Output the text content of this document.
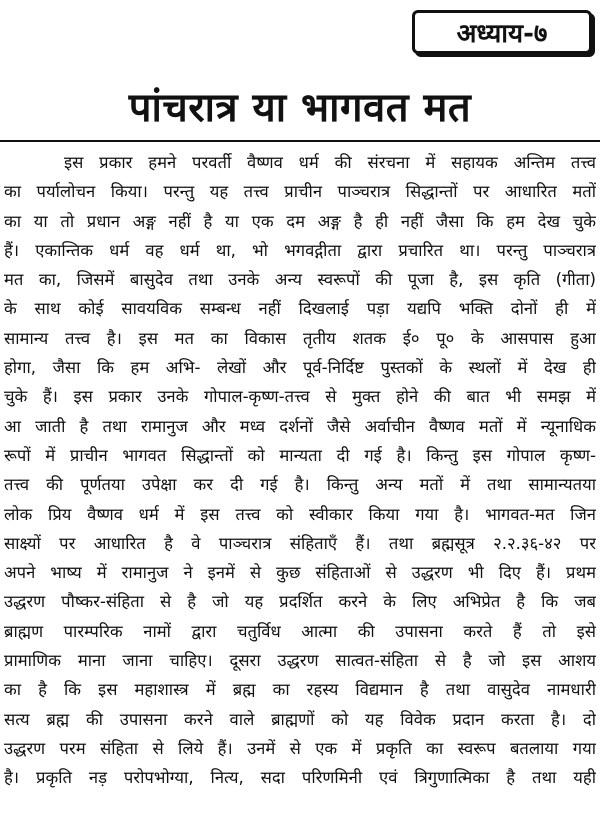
अध्याय-७
पांचरात्र या भागवत मत
इस प्रकार हमने परवर्ती वैष्णव धर्म की संरचना में सहायक अन्तिम तत्त्व
का पर्यालोचन किया। परन्तु यह तत्त्व प्राचीन पाञ्चरात्र सिद्धान्तों पर आधारित मतों
का या तो प्रधान अङ्ग नहीं है या एक दम अङ्ग है ही नहीं जैसा कि हम देख चुके
हैं। एकान्तिक धर्म वह धर्म था, भो भगवद्गीता द्वारा प्रचारित था। परन्तु पाञ्चरात्र
मत का, जिसमें बासुदेव तथा उनके अन्य स्वरूपों की पूजा है, इस कृति (गीता)
के साथ कोई सावयविक सम्बन्ध नहीं दिखलाई पड़ा यद्यपि भक्ति दोनों ही में
सामान्य तत्त्व है। इस मत का विकास तृतीय शतक ई० पू० के आसपास हुआ
होगा, जैसा कि हम अभि- लेखों और पूर्व-निर्दिष्ट पुस्तकों के स्थलों में देख ही
चुके हैं। इस प्रकार उनके गोपाल-कृष्ण-तत्त्व से मुक्त होने की बात भी समझ में
आ जाती है तथा रामानुज और मध्व दर्शनों जैसे अर्वाचीन वैष्णव मतों में न्यूनाधिक
रूपों में प्राचीन भागवत सिद्धान्तों को मान्यता दी गई है। किन्तु इस गोपाल कृष्ण-
तत्त्व की पूर्णतया उपेक्षा कर दी गई है। किन्तु अन्य मतों में तथा सामान्यतया
लोक प्रिय वैष्णव धर्म में इस तत्त्व को स्वीकार किया गया है। भागवत-मत जिन
साक्ष्यों पर आधारित है वे पाञ्चरात्र संहिताएँ हैं। तथा ब्रह्मसूत्र २.२.३६-४२ पर
अपने भाष्य में रामानुज ने इनमें से कुछ संहिताओं से उद्धरण भी दिए हैं। प्रथम
उद्धरण पौष्कर-संहिता से है जो यह प्रदर्शित करने के लिए अभिप्रेत है कि जब
ब्राह्मण पारम्परिक नामों द्वारा चतुर्विध आत्मा की उपासना करते हैं तो इसे
प्रामाणिक माना जाना चाहिए। दूसरा उद्धरण सात्वत-संहिता से है जो इस आशय
का है कि इस महाशास्त्र में ब्रह्म का रहस्य विद्यमान है तथा वासुदेव नामधारी
सत्य ब्रह्म की उपासना करने वाले ब्राह्मणों को यह विवेक प्रदान करता है। दो
उद्धरण परम संहिता से लिये हैं। उनमें से एक में प्रकृति का स्वरूप बतलाया गया
है। प्रकृति नड़ परोपभोग्या, नित्य, सदा परिणमिनी एवं त्रिगुणात्मिका है तथा यही
